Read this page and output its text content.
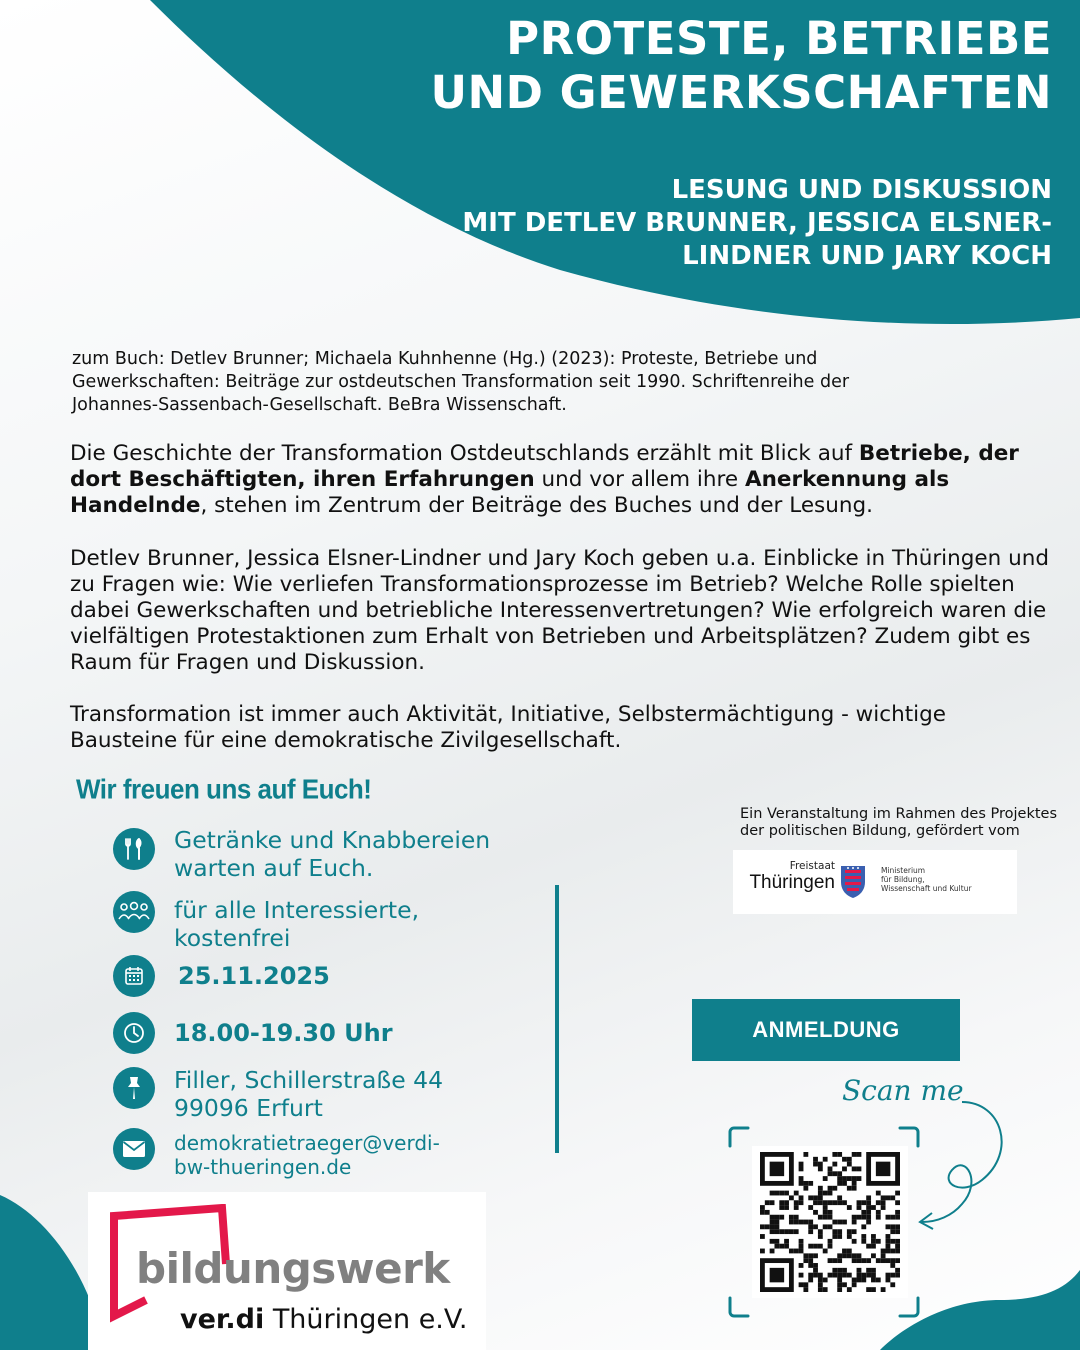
PROTESTE, BETRIEBE
UND GEWERKSCHAFTEN
LESUNG UND DISKUSSION
MIT DETLEV BRUNNER, JESSICA ELSNER-
LINDNER UND JARY KOCH
zum Buch: Detlev Brunner; Michaela Kuhnhenne (Hg.) (2023): Proteste, Betriebe und
Gewerkschaften: Beiträge zur ostdeutschen Transformation seit 1990. Schriftenreihe der
Johannes-Sassenbach-Gesellschaft. BeBra Wissenschaft.
Die Geschichte der Transformation Ostdeutschlands erzählt mit Blick auf Betriebe, der dort Beschäftigten, ihren Erfahrungen und vor allem ihre Anerkennung als Handelnde, stehen im Zentrum der Beiträge des Buches und der Lesung.
Detlev Brunner, Jessica Elsner-Lindner und Jary Koch geben u.a. Einblicke in Thüringen und zu Fragen wie: Wie verliefen Transformationsprozesse im Betrieb? Welche Rolle spielten dabei Gewerkschaften und betriebliche Interessenvertretungen? Wie erfolgreich waren die vielfältigen Protestaktionen zum Erhalt von Betrieben und Arbeitsplätzen? Zudem gibt es Raum für Fragen und Diskussion.
Transformation ist immer auch Aktivität, Initiative, Selbstermächtigung - wichtige Bausteine für eine demokratische Zivilgesellschaft.
Wir freuen uns auf Euch!
Getränke und Knabbereien
warten auf Euch.
für alle Interessierte,
kostenfrei
25.11.2025
18.00-19.30 Uhr
Filler, Schillerstraße 44
99096 Erfurt
demokratietraeger@verdi-
bw-thueringen.de
Ein Veranstaltung im Rahmen des Projektes
der politischen Bildung, gefördert vom
Freistaat
Thüringen
Ministerium
für Bildung,
Wissenschaft und Kultur
ANMELDUNG
Scan me
bildungswerk
ver.di Thüringen e.V.
